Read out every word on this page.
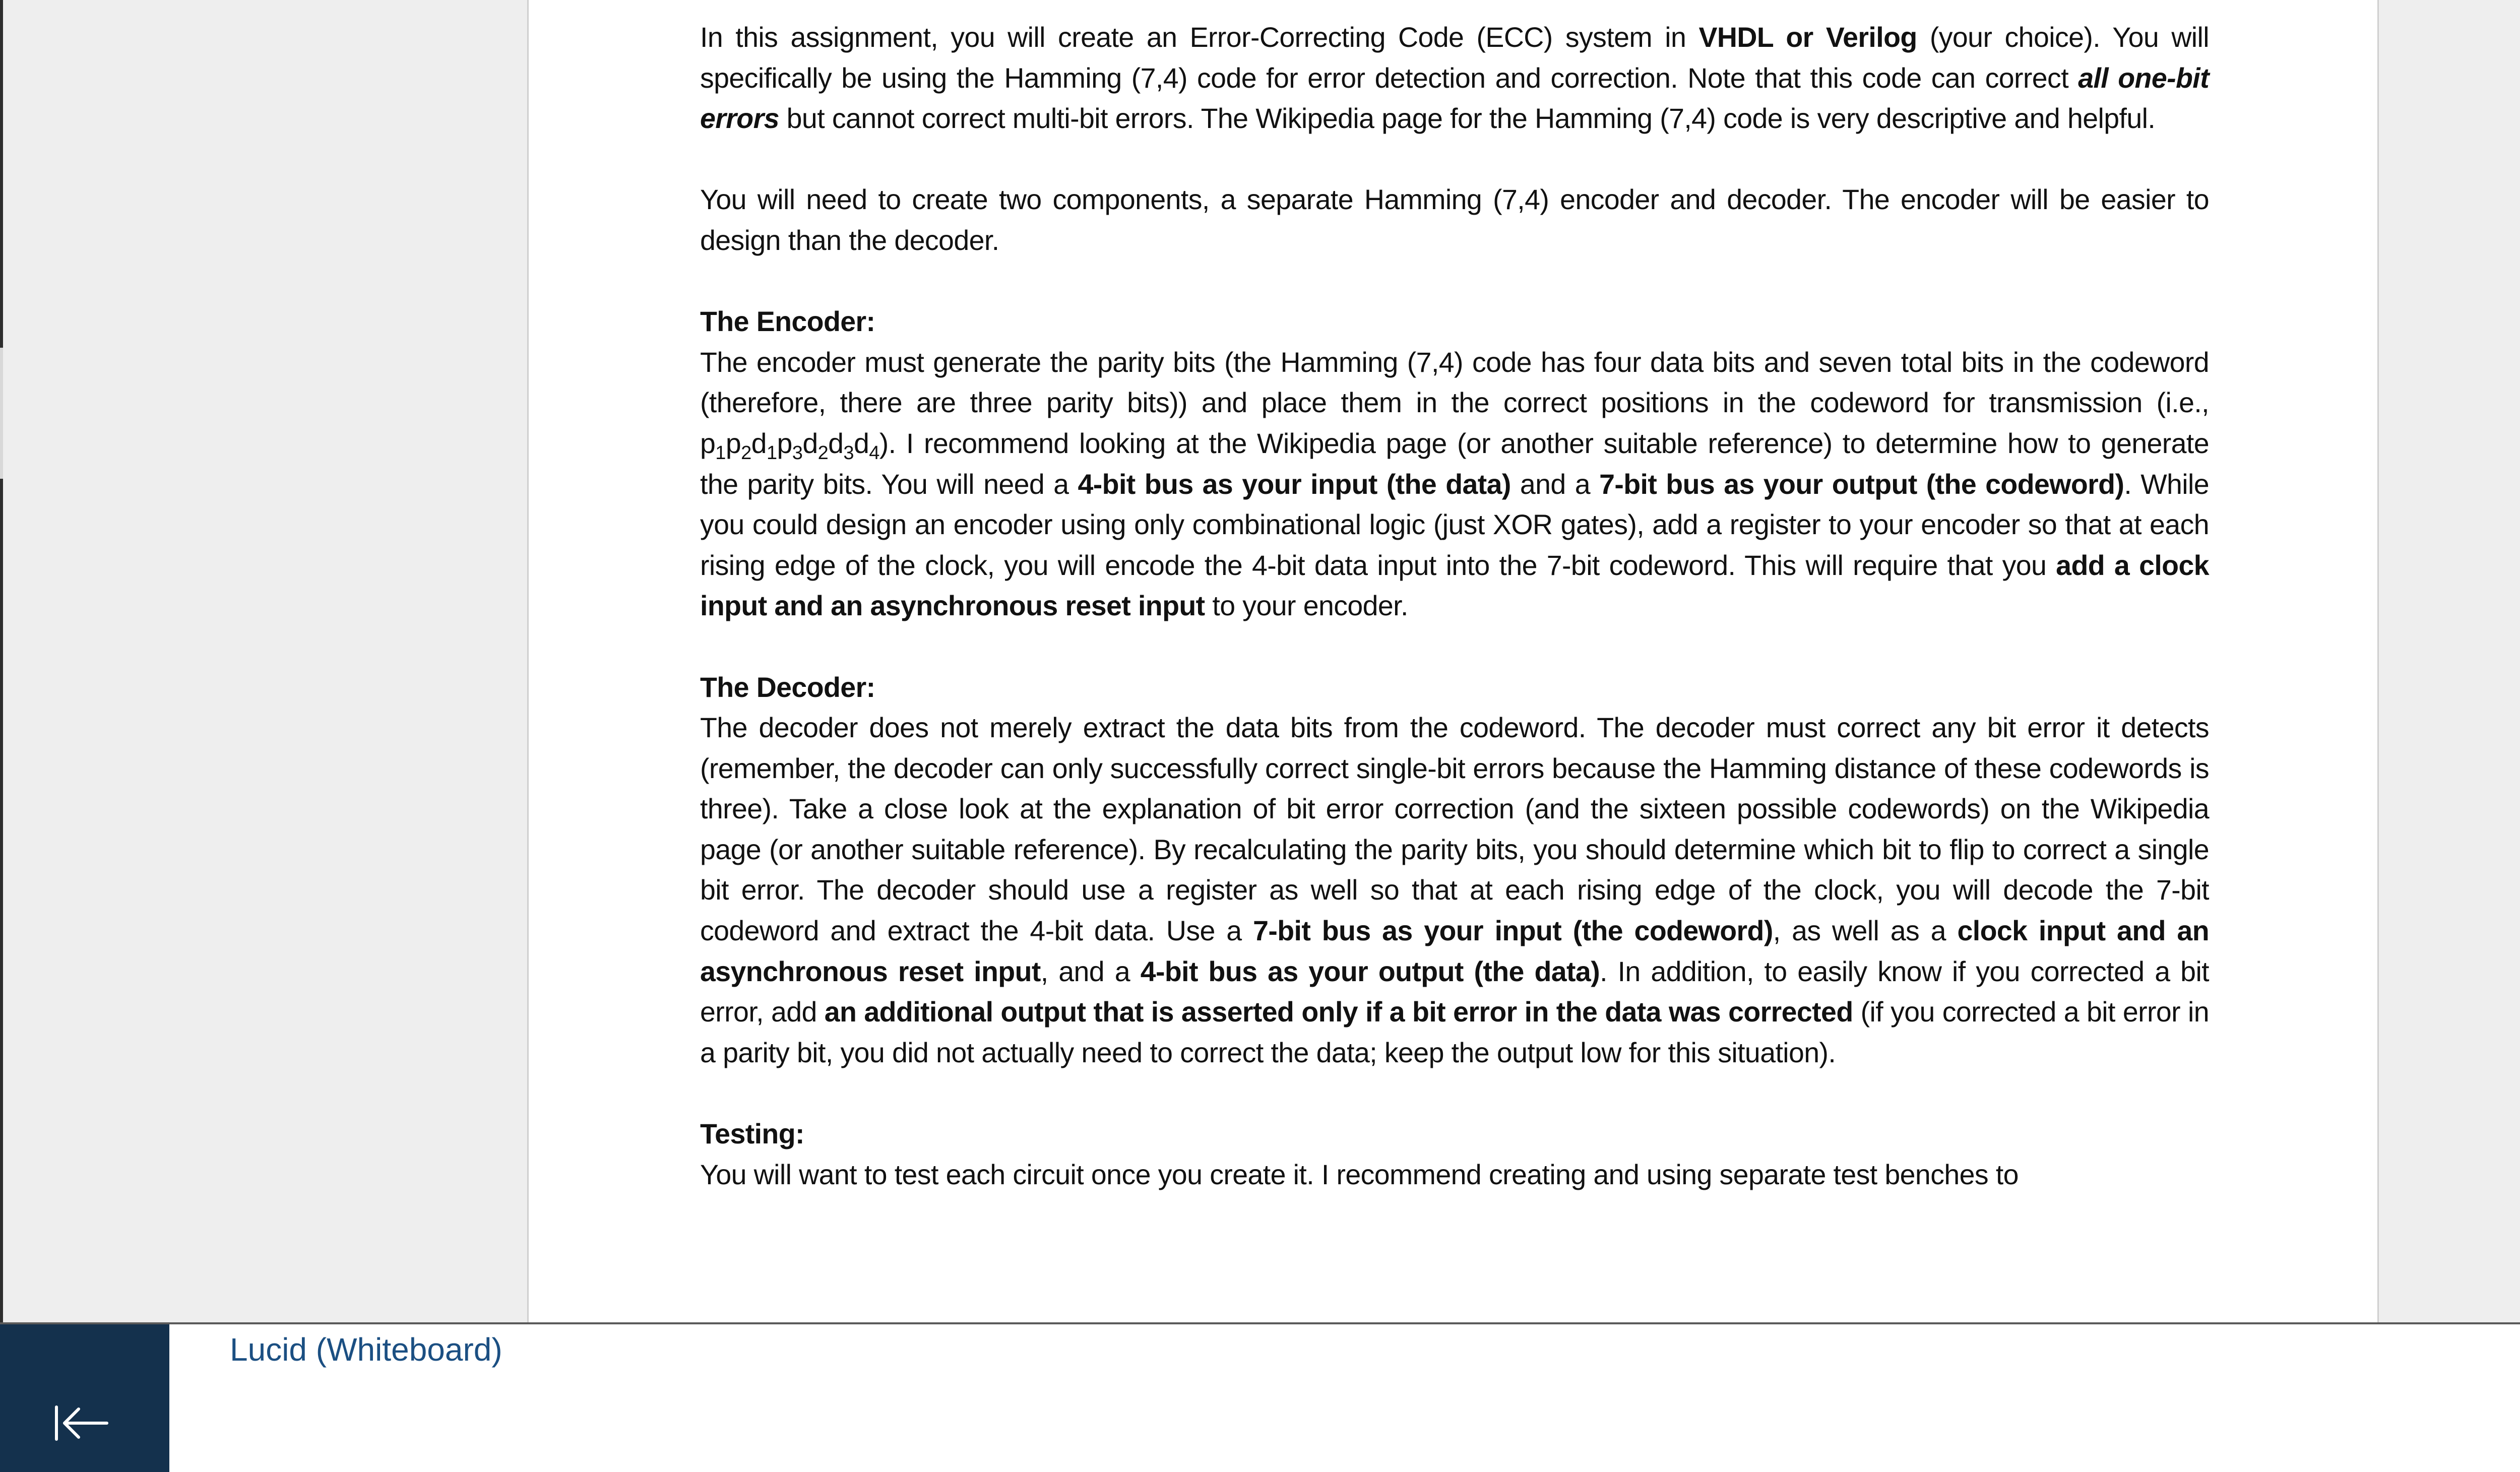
In this assignment, you will create an Error-Correcting Code (ECC) system in VHDL or Verilog (your choice). You will specifically be using the Hamming (7,4) code for error detection and correction. Note that this code can correct all one-bit errors but cannot correct multi-bit errors. The Wikipedia page for the Hamming (7,4) code is very descriptive and helpful.

You will need to create two components, a separate Hamming (7,4) encoder and decoder. The encoder will be easier to design than the decoder.

The Encoder:

The encoder must generate the parity bits (the Hamming (7,4) code has four data bits and seven total bits in the codeword (therefore, there are three parity bits)) and place them in the correct positions in the codeword for transmission (i.e., $p_1p_2d_1p_3d_2d_3d_4$). I recommend looking at the Wikipedia page (or another suitable reference) to determine how to generate the parity bits. You will need a 4-bit bus as your input (the data) and a 7-bit bus as your output (the codeword). While you could design an encoder using only combinational logic (just XOR gates), add a register to your encoder so that at each rising edge of the clock, you will encode the 4-bit data input into the 7-bit codeword. This will require that you add a clock input and an asynchronous reset input to your encoder.

The Decoder:

The decoder does not merely extract the data bits from the codeword. The decoder must correct any bit error it detects (remember, the decoder can only successfully correct single-bit errors because the Hamming distance of these codewords is three). Take a close look at the explanation of bit error correction (and the sixteen possible codewords) on the Wikipedia page (or another suitable reference). By recalculating the parity bits, you should determine which bit to flip to correct a single bit error. The decoder should use a register as well so that at each rising edge of the clock, you will decode the 7-bit codeword and extract the 4-bit data. Use a 7-bit bus as your input (the codeword), as well as a clock input and an asynchronous reset input, and a 4-bit bus as your output (the data). In addition, to easily know if you corrected a bit error, add an additional output that is asserted only if a bit error in the data was corrected (if you corrected a bit error in a parity bit, you did not actually need to correct the data; keep the output low for this situation).

Testing:

You will want to test each circuit once you create it. I recommend creating and using separate test benches to

Lucid (Whiteboard)
